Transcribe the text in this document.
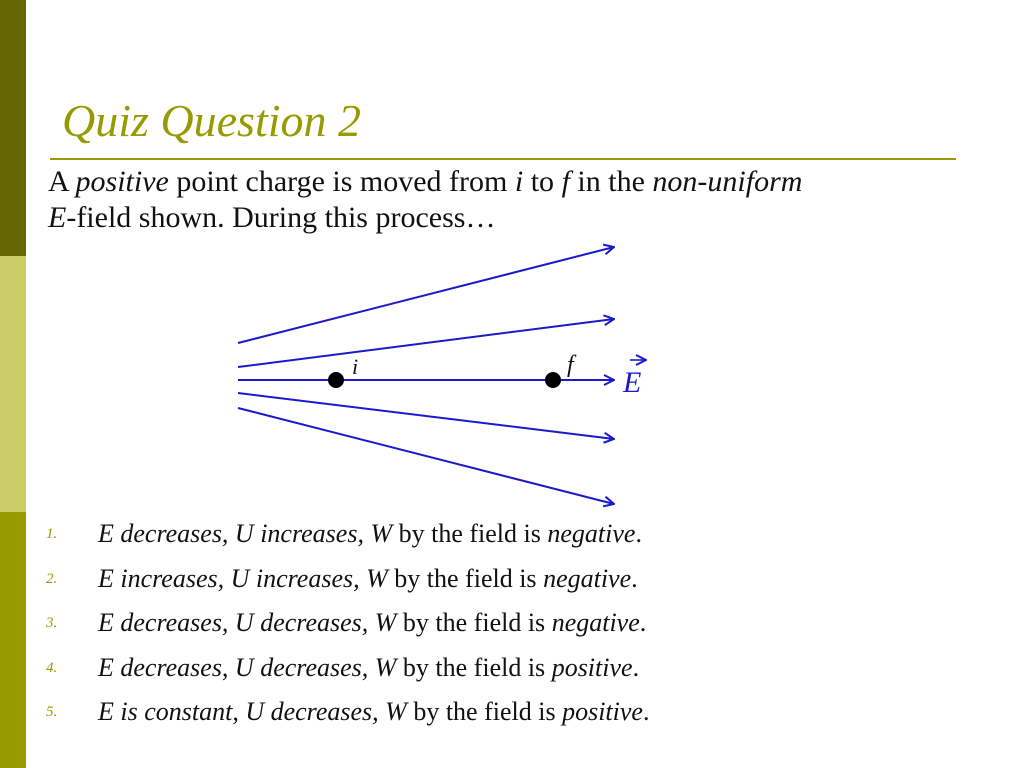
Quiz Question 2
A positive point charge is moved from i to f in the non-uniform
E-field shown. During this process…
i	f
E
1.	E decreases, U increases, W by the field is negative.
2.	E increases, U increases, W by the field is negative.
3.	E decreases, U decreases, W by the field is negative.
4.	E decreases, U decreases, W by the field is positive.
5.	E is constant, U decreases, W by the field is positive.
